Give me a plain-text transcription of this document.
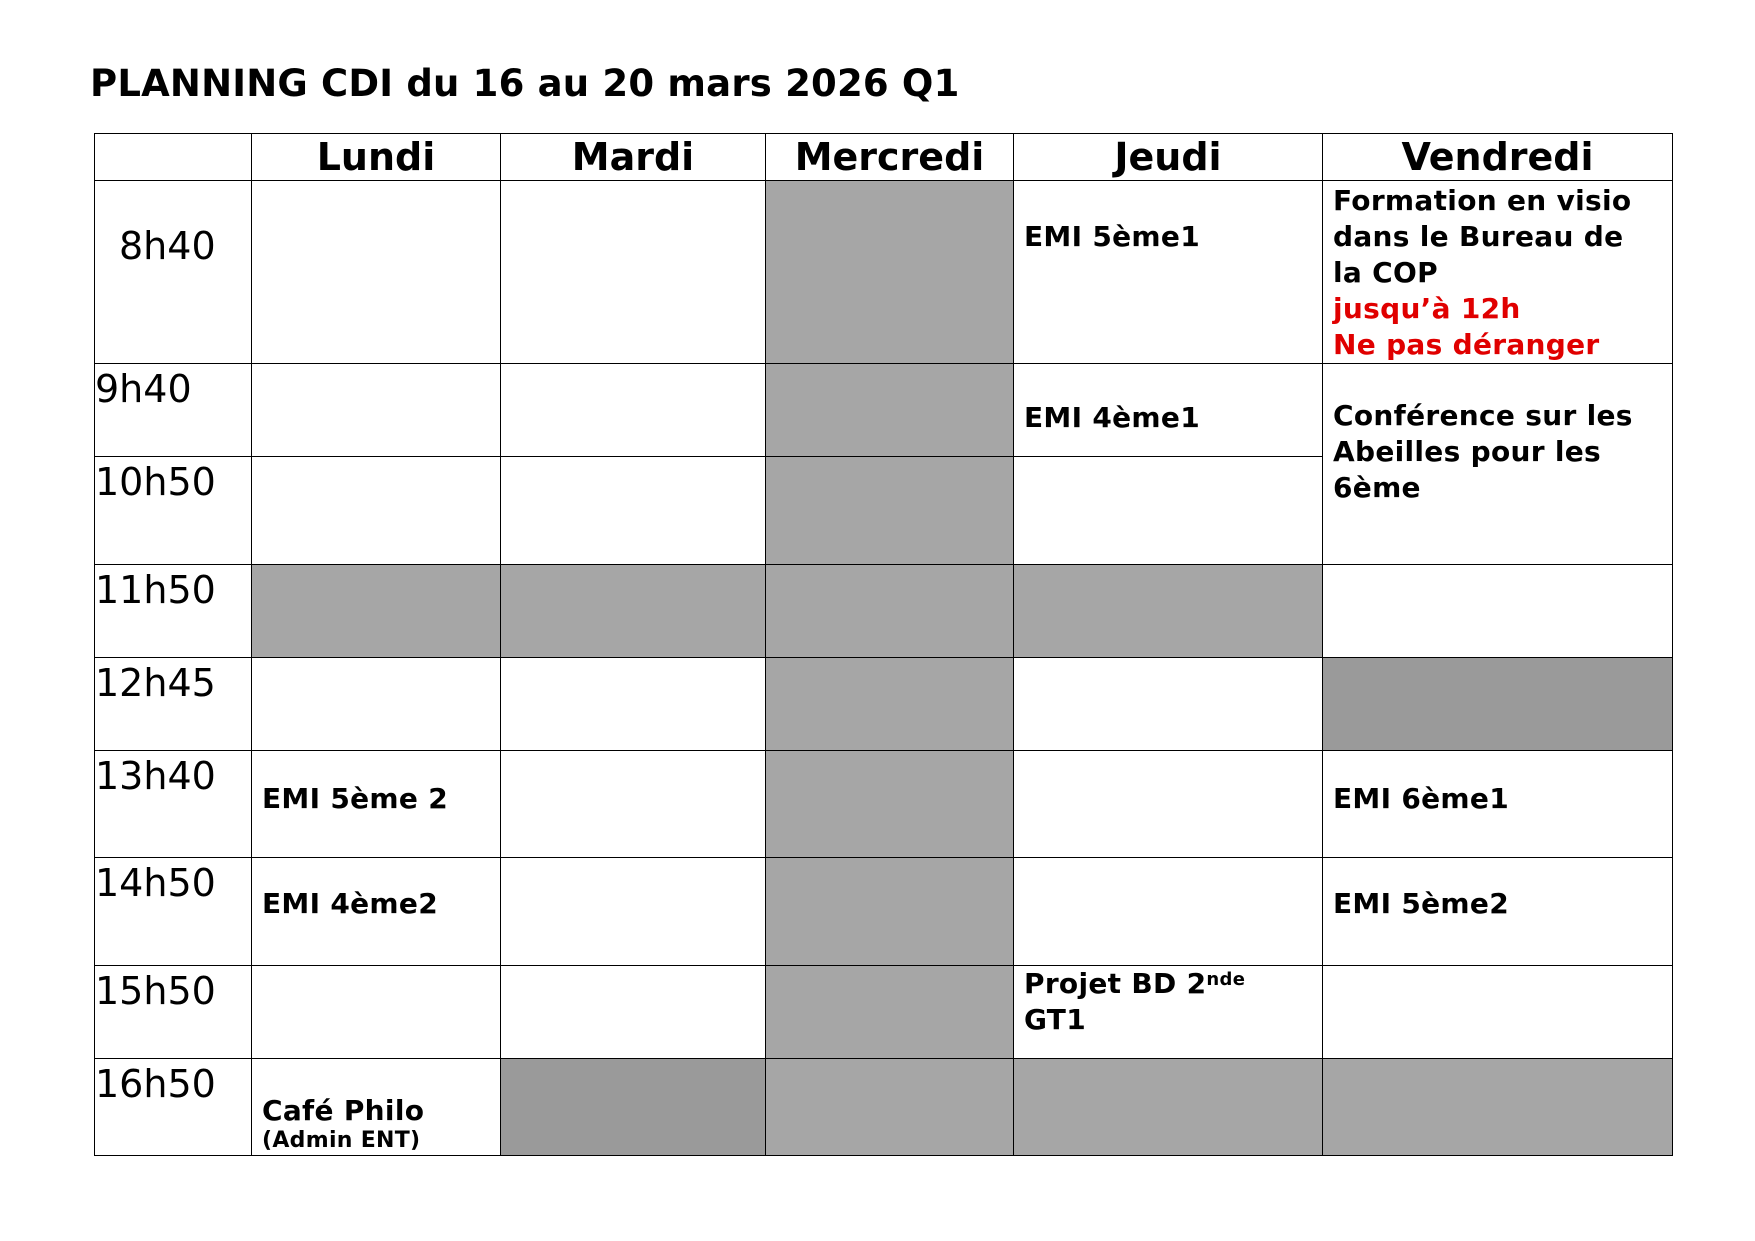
PLANNING CDI du 16 au 20 mars 2026 Q1
	Lundi	Mardi	Mercredi	Jeudi	Vendredi

8h40				EMI 5ème1	Formation en visio
dans le Bureau de
la COP
jusqu’à 12h
Ne pas déranger

9h40				EMI 4ème1	Conférence sur les
Abeilles pour les
6ème

10h50					

11h50					

12h45					

13h40	EMI 5ème 2				EMI 6ème1

14h50	EMI 4ème2				EMI 5ème2

15h50				Projet BD 2nde
GT1	

16h50	Café Philo
(Admin ENT)				
